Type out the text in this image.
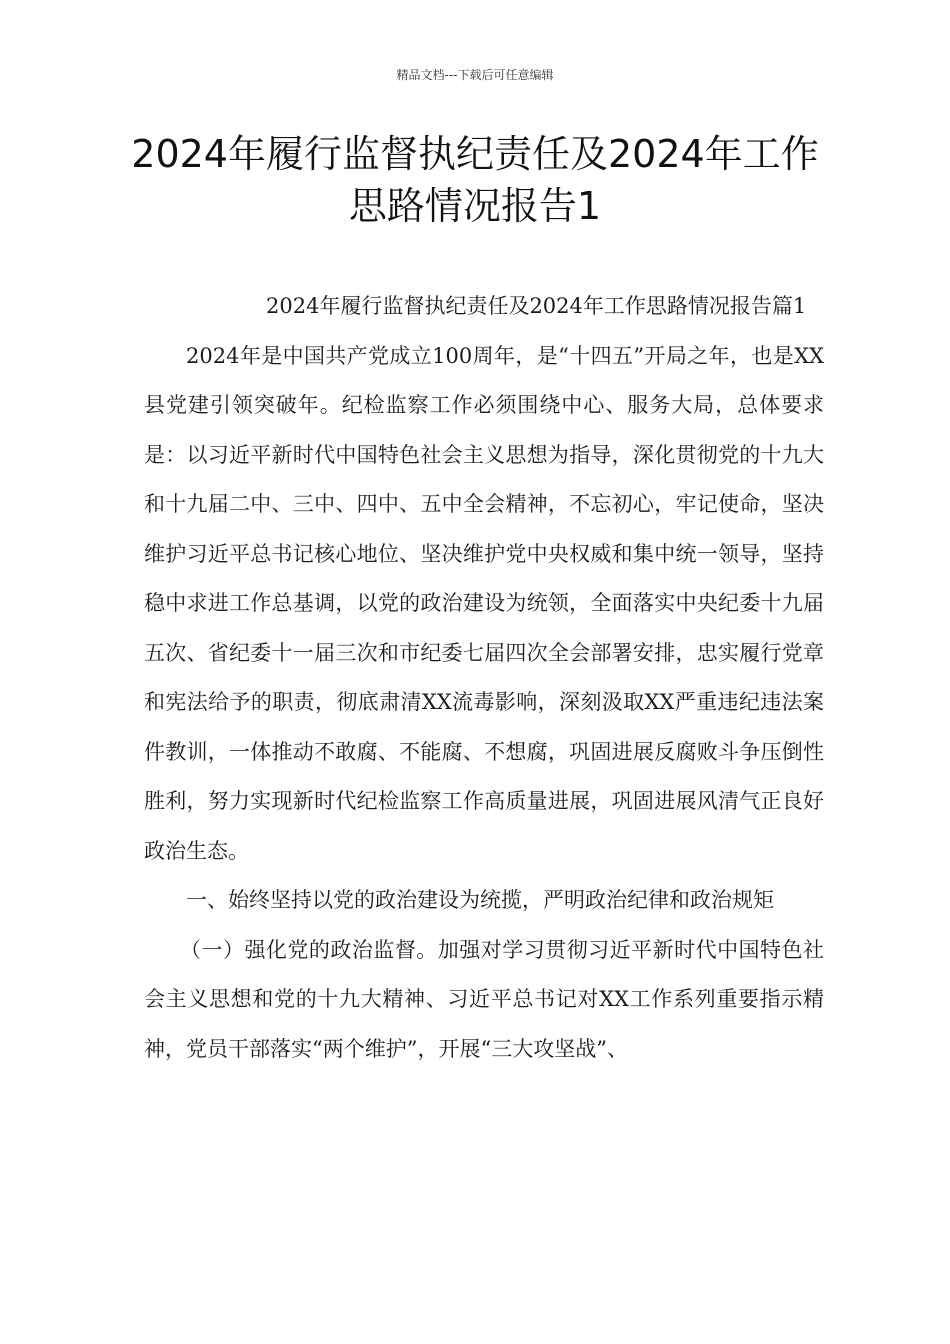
精品文档---下载后可任意编辑
2024年履行监督执纪责任及2024年工作思路情况报告1

2024年履行监督执纪责任及2024年工作思路情况报告篇1

2024年是中国共产党成立100周年，是“十四五”开局之年，也是XX县党建引领突破年。纪检监察工作必须围绕中心、服务大局，总体要求是：以习近平新时代中国特色社会主义思想为指导，深化贯彻党的十九大和十九届二中、三中、四中、五中全会精神，不忘初心，牢记使命，坚决维护习近平总书记核心地位、坚决维护党中央权威和集中统一领导，坚持稳中求进工作总基调，以党的政治建设为统领，全面落实中央纪委十九届五次、省纪委十一届三次和市纪委七届四次全会部署安排，忠实履行党章和宪法给予的职责，彻底肃清XX流毒影响，深刻汲取XX严重违纪违法案件教训，一体推动不敢腐、不能腐、不想腐，巩固进展反腐败斗争压倒性胜利，努力实现新时代纪检监察工作高质量进展，巩固进展风清气正良好政治生态。

一、始终坚持以党的政治建设为统揽，严明政治纪律和政治规矩

（一）强化党的政治监督。加强对学习贯彻习近平新时代中国特色社会主义思想和党的十九大精神、习近平总书记对XX工作系列重要指示精神，党员干部落实“两个维护”，开展“三大攻坚战”、
